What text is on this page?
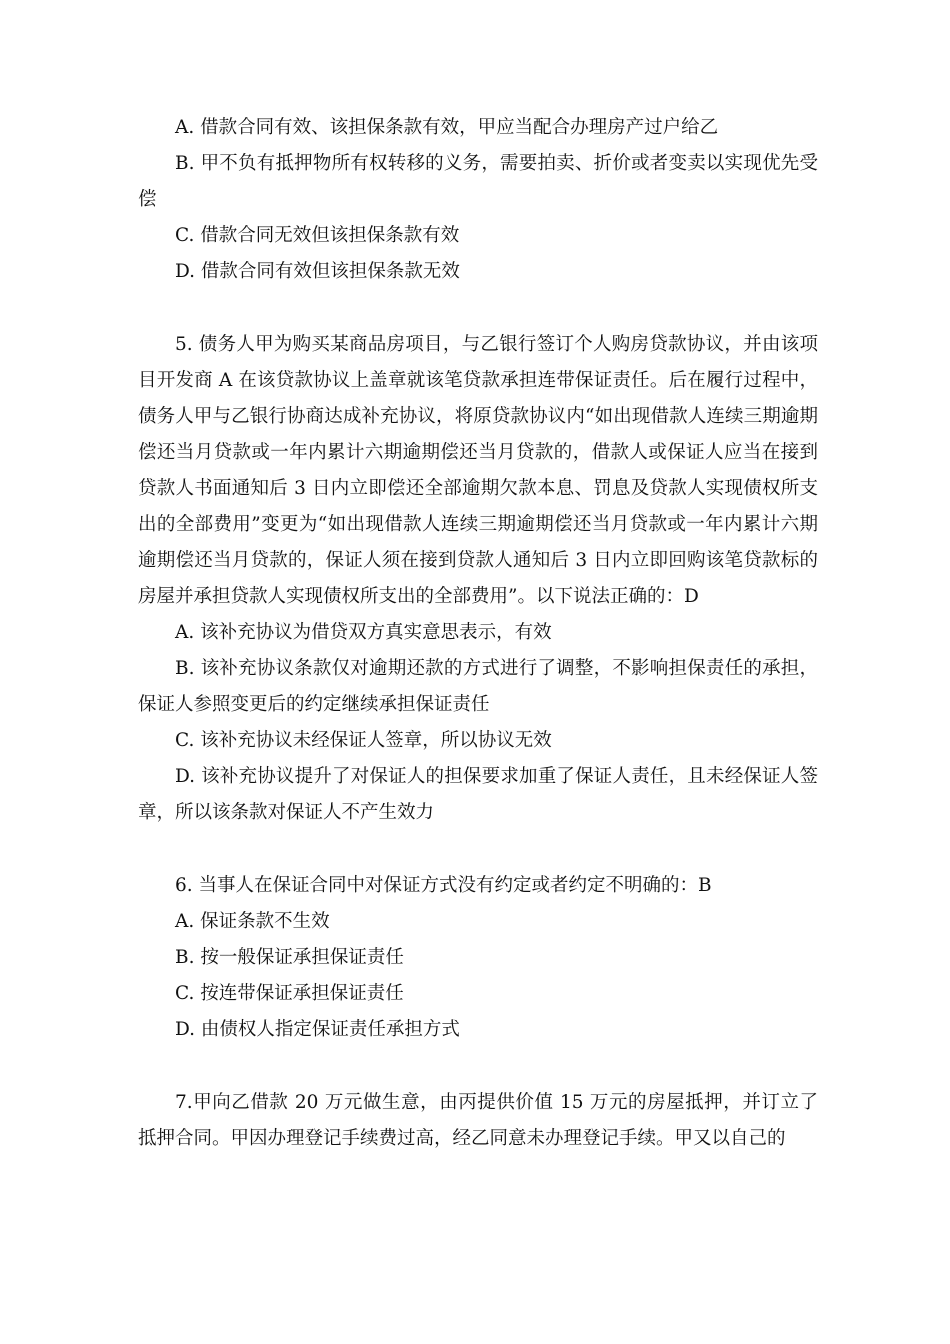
A. 借款合同有效、该担保条款有效，甲应当配合办理房产过户给乙

B. 甲不负有抵押物所有权转移的义务，需要拍卖、折价或者变卖以实现优先受偿

C. 借款合同无效但该担保条款有效

D. 借款合同有效但该担保条款无效

5. 债务人甲为购买某商品房项目，与乙银行签订个人购房贷款协议，并由该项目开发商 A 在该贷款协议上盖章就该笔贷款承担连带保证责任。后在履行过程中，债务人甲与乙银行协商达成补充协议，将原贷款协议内“如出现借款人连续三期逾期偿还当月贷款或一年内累计六期逾期偿还当月贷款的，借款人或保证人应当在接到贷款人书面通知后 3 日内立即偿还全部逾期欠款本息、罚息及贷款人实现债权所支出的全部费用”变更为“如出现借款人连续三期逾期偿还当月贷款或一年内累计六期逾期偿还当月贷款的，保证人须在接到贷款人通知后 3 日内立即回购该笔贷款标的房屋并承担贷款人实现债权所支出的全部费用”。以下说法正确的：D

A. 该补充协议为借贷双方真实意思表示，有效

B. 该补充协议条款仅对逾期还款的方式进行了调整，不影响担保责任的承担，保证人参照变更后的约定继续承担保证责任

C. 该补充协议未经保证人签章，所以协议无效

D. 该补充协议提升了对保证人的担保要求加重了保证人责任，且未经保证人签章，所以该条款对保证人不产生效力

6. 当事人在保证合同中对保证方式没有约定或者约定不明确的：B

A. 保证条款不生效

B. 按一般保证承担保证责任

C. 按连带保证承担保证责任

D. 由债权人指定保证责任承担方式

7.甲向乙借款 20 万元做生意，由丙提供价值 15 万元的房屋抵押，并订立了抵押合同。甲因办理登记手续费过高，经乙同意未办理登记手续。甲又以自己的
